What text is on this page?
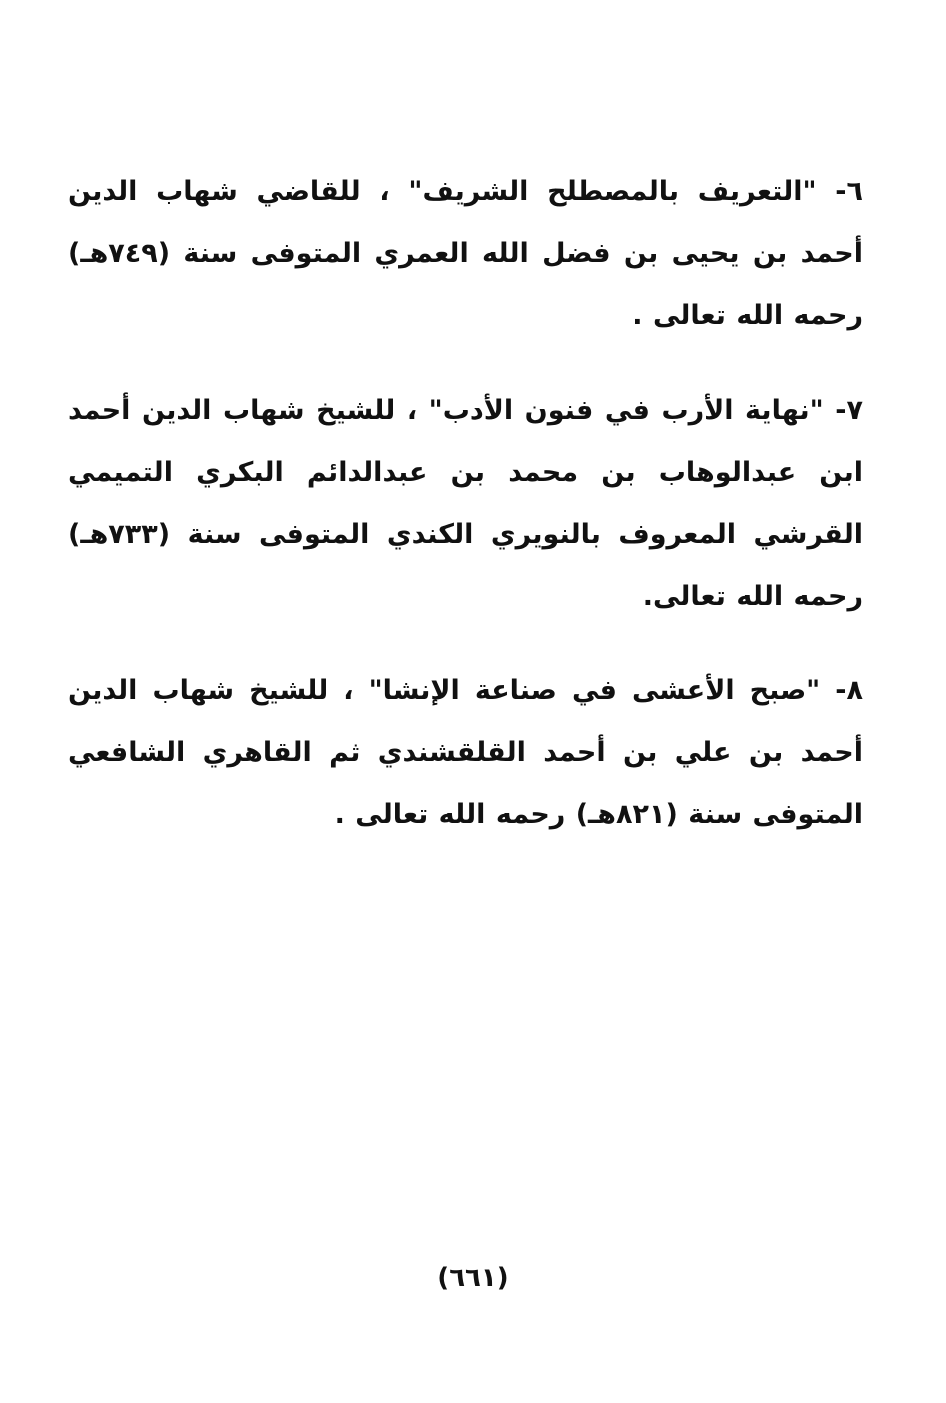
٦- "التعريف بالمصطلح الشريف" ، للقاضي شهاب الدين أحمد بن يحيى بن فضل الله العمري المتوفى سنة (٧٤٩هـ) رحمه الله تعالى .

٧- "نهاية الأرب في فنون الأدب" ، للشيخ شهاب الدين أحمد ابن عبدالوهاب بن محمد بن عبدالدائم البكري التميمي القرشي المعروف بالنويري الكندي المتوفى سنة (٧٣٣هـ) رحمه الله تعالى.

٨- "صبح الأعشى في صناعة الإنشا" ، للشيخ شهاب الدين أحمد بن علي بن أحمد القلقشندي ثم القاهري الشافعي المتوفى سنة (٨٢١هـ) رحمه الله تعالى .

(٦٦١)
